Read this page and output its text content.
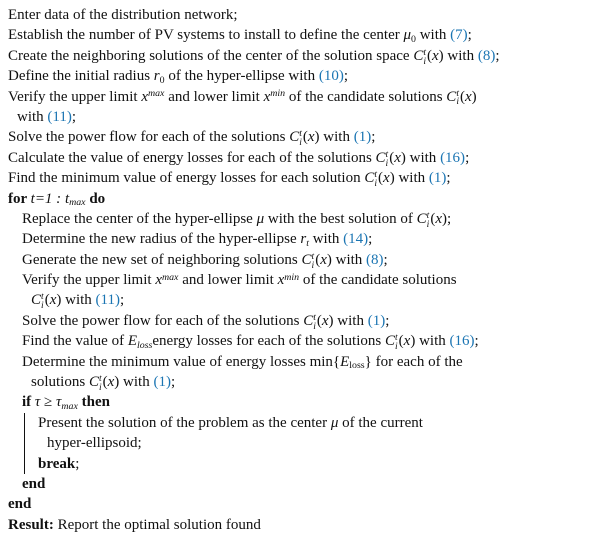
Enter data of the distribution network;
Establish the number of PV systems to install to define the center μ0 with (7);
Create the neighboring solutions of the center of the solution space C t
i (x) with (8);
Define the initial radius r0 of the hyper-ellipse with (10);
Verify the upper limit $x^{max}$ and lower limit $x^{min}$ of the candidate solutions C t
i (x)
with (11);
Solve the power flow for each of the solutions C t
i (x) with (1);
Calculate the value of energy losses for each of the solutions C t
i (x) with (16);
Find the minimum value of energy losses for each solution C t
i (x) with (1);
for t=1 : tmax do
Replace the center of the hyper-ellipse μ with the best solution of C t
i (x);
Determine the new radius of the hyper-ellipse rt with (14);
Generate the new set of neighboring solutions C t
i (x) with (8);
Verify the upper limit $x^{max}$ and lower limit $x^{min}$ of the candidate solutions
C t
i (x) with (11);
Solve the power flow for each of the solutions C t
i (x) with (1);
Find the value of Elossenergy losses for each of the solutions C t
i (x) with (16);
Determine the minimum value of energy losses min{Eloss} for each of the
solutions C t
i (x) with (1);
if τ ≥ τmax then
Present the solution of the problem as the center μ of the current
hyper-ellipsoid;
break;
end
end
Result: Report the optimal solution found
